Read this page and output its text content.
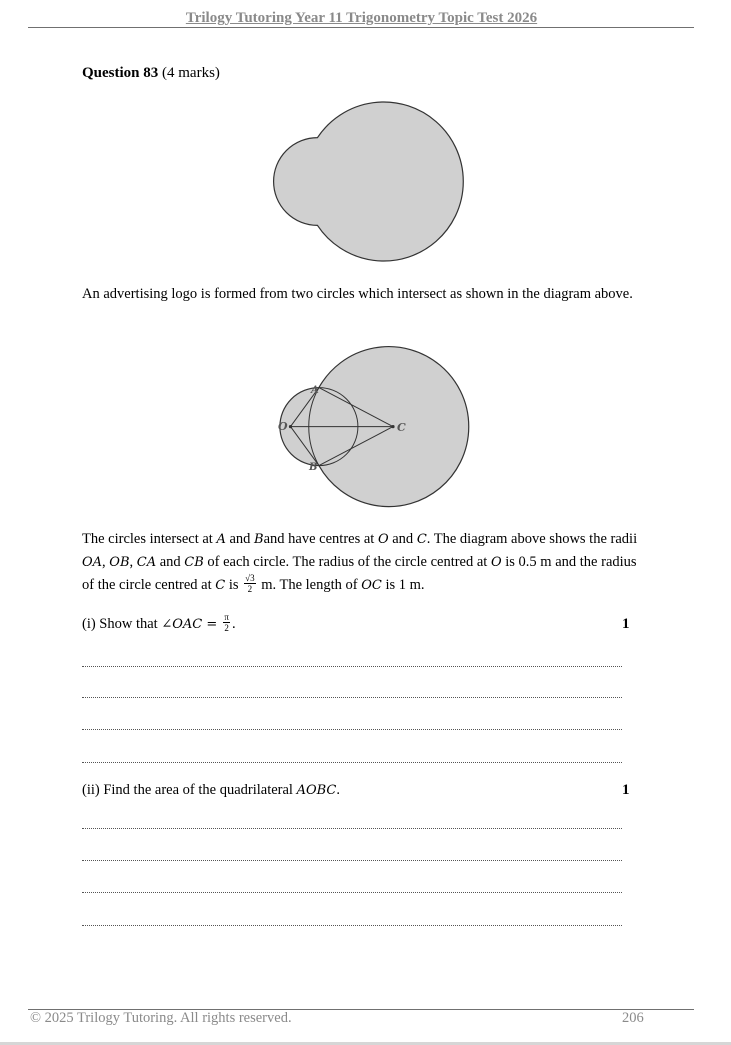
Trilogy Tutoring Year 11 Trigonometry Topic Test 2026
Question 83 (4 marks)
An advertising logo is formed from two circles which intersect as shown in the diagram above.
A
O	C
B
The circles intersect at A and Band have centres at O and C. The diagram above shows the radii OA, OB, CA and CB of each circle. The radius of the circle centred at O is 0.5 m and the radius of the circle centred at C is $\frac{√3}{2} m$. The length of OC is 1 m.
(i) Show that ∠OAC = $\frac{\pi}{2}$ .	1
(ii) Find the area of the quadrilateral AOBC.	1
© 2025 Trilogy Tutoring. All rights reserved.	206
